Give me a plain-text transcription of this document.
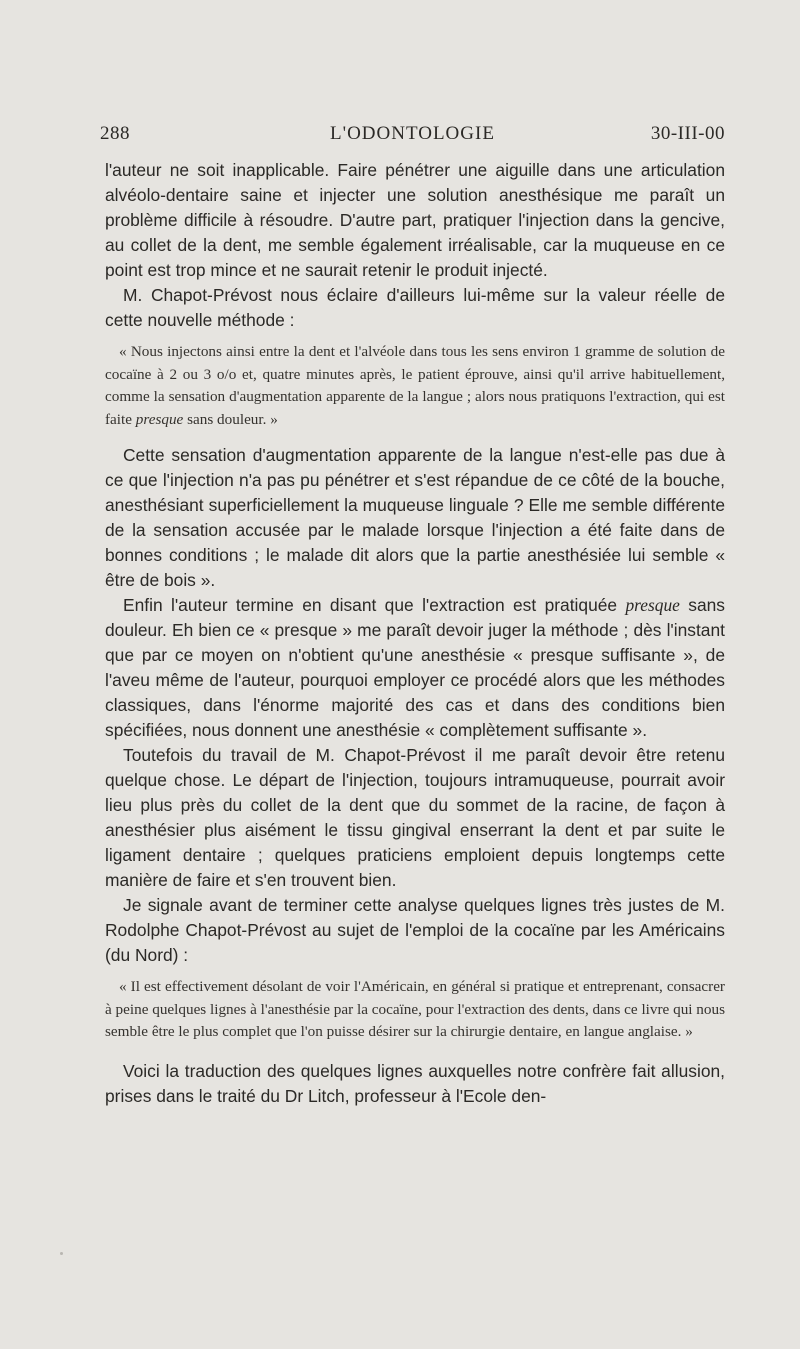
288	L'ODONTOLOGIE	30-III-00

l'auteur ne soit inapplicable. Faire pénétrer une aiguille dans une articulation alvéolo-dentaire saine et injecter une solution anesthésique me paraît un problème difficile à résoudre. D'autre part, pratiquer l'injection dans la gencive, au collet de la dent, me semble également irréalisable, car la muqueuse en ce point est trop mince et ne saurait retenir le produit injecté.

M. Chapot-Prévost nous éclaire d'ailleurs lui-même sur la valeur réelle de cette nouvelle méthode :

« Nous injectons ainsi entre la dent et l'alvéole dans tous les sens environ 1 gramme de solution de cocaïne à 2 ou 3 o/o et, quatre minutes après, le patient éprouve, ainsi qu'il arrive habituellement, comme la sensation d'augmentation apparente de la langue ; alors nous pratiquons l'extraction, qui est faite presque sans douleur. »

Cette sensation d'augmentation apparente de la langue n'est-elle pas due à ce que l'injection n'a pas pu pénétrer et s'est répandue de ce côté de la bouche, anesthésiant superficiellement la muqueuse linguale ? Elle me semble différente de la sensation accusée par le malade lorsque l'injection a été faite dans de bonnes conditions ; le malade dit alors que la partie anesthésiée lui semble « être de bois ».

Enfin l'auteur termine en disant que l'extraction est pratiquée presque sans douleur. Eh bien ce « presque » me paraît devoir juger la méthode ; dès l'instant que par ce moyen on n'obtient qu'une anesthésie « presque suffisante », de l'aveu même de l'auteur, pourquoi employer ce procédé alors que les méthodes classiques, dans l'énorme majorité des cas et dans des conditions bien spécifiées, nous donnent une anesthésie « complètement suffisante ».

Toutefois du travail de M. Chapot-Prévost il me paraît devoir être retenu quelque chose. Le départ de l'injection, toujours intramuqueuse, pourrait avoir lieu plus près du collet de la dent que du sommet de la racine, de façon à anesthésier plus aisément le tissu gingival enserrant la dent et par suite le ligament dentaire ; quelques praticiens emploient depuis longtemps cette manière de faire et s'en trouvent bien.

Je signale avant de terminer cette analyse quelques lignes très justes de M. Rodolphe Chapot-Prévost au sujet de l'emploi de la cocaïne par les Américains (du Nord) :

« Il est effectivement désolant de voir l'Américain, en général si pratique et entreprenant, consacrer à peine quelques lignes à l'anesthésie par la cocaïne, pour l'extraction des dents, dans ce livre qui nous semble être le plus complet que l'on puisse désirer sur la chirurgie dentaire, en langue anglaise. »

Voici la traduction des quelques lignes auxquelles notre confrère fait allusion, prises dans le traité du Dr Litch, professeur à l'Ecole den-
